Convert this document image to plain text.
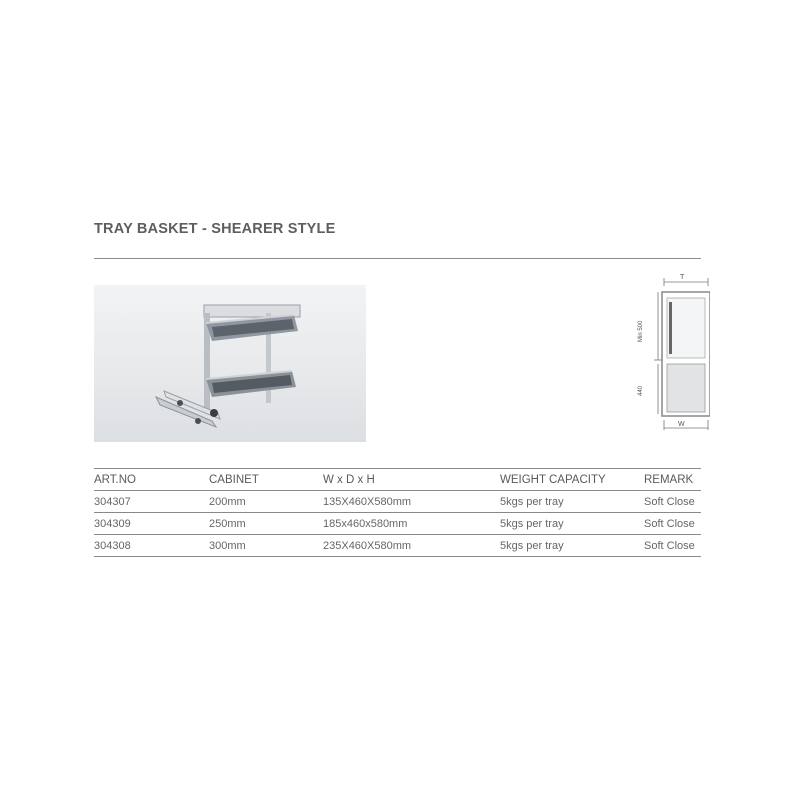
TRAY BASKET - SHEARER STYLE
T
Min 500
440
W
ART.NO	CABINET	W x D x H	WEIGHT CAPACITY	REMARK
304307	200mm	135X460X580mm	5kgs per tray	Soft Close
304309	250mm	185x460x580mm	5kgs per tray	Soft Close
304308	300mm	235X460X580mm	5kgs per tray	Soft Close
